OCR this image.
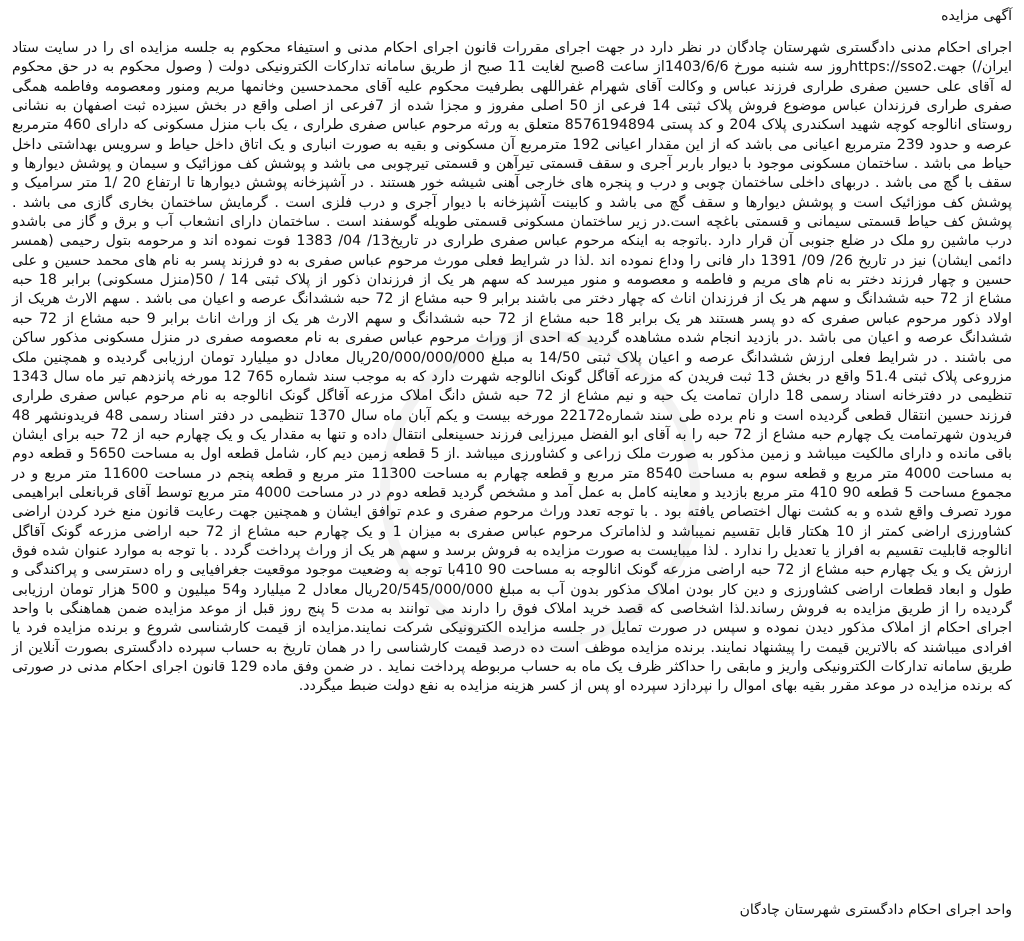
آگهی مزایده

اجرای احکام مدنی دادگستری شهرستان چادگان در نظر دارد در جهت اجرای مقررات قانون اجرای احکام مدنی و استیفاء محکوم به جلسه مزایده ای را در سایت ستاد ایران/) جهت.https://sso2روز سه شنبه مورخ 1403/6/6از ساعت 8صبح لغایت 11 صبح از طریق سامانه تدارکات الکترونیکی دولت ( وصول محکوم به در حق محکوم له آقای علی حسین صفری طراری فرزند عباس و وکالت آقای شهرام غفراللهی بطرفیت محکوم علیه آقای محمدحسین وخانمها مریم ومنور ومعصومه وفاطمه همگی صفری طراری فرزندان عباس موضوع فروش پلاک ثبتی 14 فرعی از 50 اصلی مفروز و مجزا شده از 7فرعی از اصلی واقع در بخش سیزده ثبت اصفهان به نشانی روستای انالوجه کوچه شهید اسکندری پلاک 204 و کد پستی 8576194894 متعلق به ورثه مرحوم عباس صفری طراری ، یک باب منزل مسکونی که دارای 460 مترمربع عرصه و حدود 239 مترمربع اعیانی می باشد که از این مقدار اعیانی 192 مترمربع آن مسکونی و بقیه به صورت انباری و یک اتاق داخل حیاط و سرویس بهداشتی داخل حیاط می باشد . ساختمان مسکونی موجود با دیوار باربر آجری و سقف قسمتی تیرآهن و قسمتی تیرچوبی می باشد و پوشش کف موزائیک و سیمان و پوشش دیوارها و سقف با گچ می باشد . دربهای داخلی ساختمان چوبی و درب و پنجره های خارجی آهنی شیشه خور هستند . در آشپزخانه پوشش دیوارها تا ارتفاع 20 /1 متر سرامیک و پوشش کف موزائیک است و پوشش دیوارها و سقف گچ می باشد و کابینت آشپزخانه با دیوار آجری و درب فلزی است . گرمایش ساختمان بخاری گازی می باشد . پوشش کف حیاط قسمتی سیمانی و قسمتی باغچه است.در زیر ساختمان مسکونی قسمتی طویله گوسفند است . ساختمان دارای انشعاب آب و برق و گاز می باشدو درب ماشین رو ملک در ضلع جنوبی آن قرار دارد .باتوجه به اینکه مرحوم عباس صفری طراری در تاریخ13/ 04/ 1383 فوت نموده اند و مرحومه بتول رحیمی (همسر دائمی ایشان) نیز در تاریخ 26/ 09/ 1391 دار فانی را وداع نموده اند .لذا در شرایط فعلی مورث مرحوم عباس صفری به دو فرزند پسر به نام های محمد حسین و علی حسین و چهار فرزند دختر به نام های مریم و فاطمه و معصومه و منور میرسد که سهم هر یک از فرزندان ذکور از پلاک ثبتی 14 / 50(منزل مسکونی) برابر 18 حبه مشاع از 72 حبه ششدانگ و سهم هر یک از فرزندان اناث که چهار دختر می باشند برابر 9 حبه مشاع از 72 حبه ششدانگ عرصه و اعیان می باشد . سهم الارث هریک از اولاد ذکور مرحوم عباس صفری که دو پسر هستند هر یک برابر 18 حبه مشاع از 72 حبه ششدانگ و سهم الارث هر یک از وراث اناث برابر 9 حبه مشاع از 72 حبه ششدانگ عرصه و اعیان می باشد .در بازدید انجام شده مشاهده گردید که احدی از وراث مرحوم عباس صفری به نام معصومه صفری در منزل مسکونی مذکور ساکن می باشند . در شرایط فعلی ارزش ششدانگ عرصه و اعیان پلاک ثبتی 14/50 به مبلغ 20/000/000/000ریال معادل دو میلیارد تومان ارزیابی گردیده و همچنین ملک مزروعی پلاک ثبتی 51.4 واقع در بخش 13 ثبت فریدن که مزرعه آقاگل گونک انالوجه شهرت دارد که به موجب سند شماره 765 12 مورخه پانزدهم تیر ماه سال 1343 تنظیمی در دفترخانه اسناد رسمی 18 داران تمامت یک حبه و نیم مشاع از 72 حبه شش دانگ املاک مزرعه آقاگل گونک انالوجه به نام مرحوم عباس صفری طراری فرزند حسین انتقال قطعی گردیده است و نام برده طی سند شماره22172 مورخه بیست و یکم آبان ماه سال 1370 تنظیمی در دفتر اسناد رسمی 48 فریدونشهر 48 فریدون شهرتمامت یک چهارم حبه مشاع از 72 حبه را به آقای ابو الفضل میرزایی فرزند حسینعلی انتقال داده و تنها به مقدار یک و یک چهارم حبه از 72 حبه برای ایشان باقی مانده و دارای مالکیت میباشد و زمین مذکور به صورت ملک زراعی و کشاورزی میباشد .از 5 قطعه زمین دیم کار، شامل قطعه اول به مساحت 5650 و قطعه دوم به مساحت 4000 متر مربع و قطعه سوم به مساحت 8540 متر مربع و قطعه چهارم به مساحت 11300 متر مربع و قطعه پنجم در مساحت 11600 متر مربع و در مجموع مساحت 5 قطعه 90 410 متر مربع بازدید و معاینه کامل به عمل آمد و مشخص گردید قطعه دوم در در مساحت 4000 متر مربع توسط آقای قربانعلی ابراهیمی مورد تصرف واقع شده و به کشت نهال اختصاص یافته بود . با توجه تعدد وراث مرحوم صفری و عدم توافق ایشان و همچنین جهت رعایت قانون منع خرد کردن اراضی کشاورزی اراضی کمتر از 10 هکتار قابل تقسیم نمیباشد و لذاماترک مرحوم عباس صفری به میزان 1 و یک چهارم حبه مشاع از 72 حبه اراضی مزرعه گونک آقاگل انالوجه قابلیت تقسیم به افراز یا تعدیل را ندارد . لذا میبایست به صورت مزایده به فروش برسد و سهم هر یک از وراث پرداخت گردد . با توجه به موارد عنوان شده فوق ارزش یک و یک چهارم حبه مشاع از 72 حبه اراضی مزرعه گونک انالوجه به مساحت 90 410با توجه به وضعیت موجود موقعیت جغرافیایی و راه دسترسی و پراکندگی و طول و ابعاد قطعات اراضی کشاورزی و دین کار بودن املاک مذکور بدون آب به مبلغ 20/545/000/000ریال معادل 2 میلیارد و54 میلیون و 500 هزار تومان ارزیابی گردیده را از طریق مزایده به فروش رساند.لذا اشخاصی که قصد خرید املاک فوق را دارند می توانند به مدت 5 پنج روز قبل از موعد مزایده ضمن هماهنگی با واحد اجرای احکام از املاک مذکور دیدن نموده و سپس در صورت تمایل در جلسه مزایده الکترونیکی شرکت نمایند.مزایده از قیمت کارشناسی شروع و برنده مزایده فرد یا افرادی میباشند که بالاترین قیمت را پیشنهاد نمایند. برنده مزایده موظف است ده درصد قیمت کارشناسی را در همان تاریخ به حساب سپرده دادگستری بصورت آنلاین از طریق سامانه تدارکات الکترونیکی واریز و مابقی را حداکثر ظرف یک ماه به حساب مربوطه پرداخت نماید . در ضمن وفق ماده 129 قانون اجرای احکام مدنی در صورتی که برنده مزایده در موعد مقرر بقیه بهای اموال را نپردازد سپرده او پس از کسر هزینه مزایده به نفع دولت ضبط میگردد.

واحد اجرای احکام دادگستری شهرستان چادگان
